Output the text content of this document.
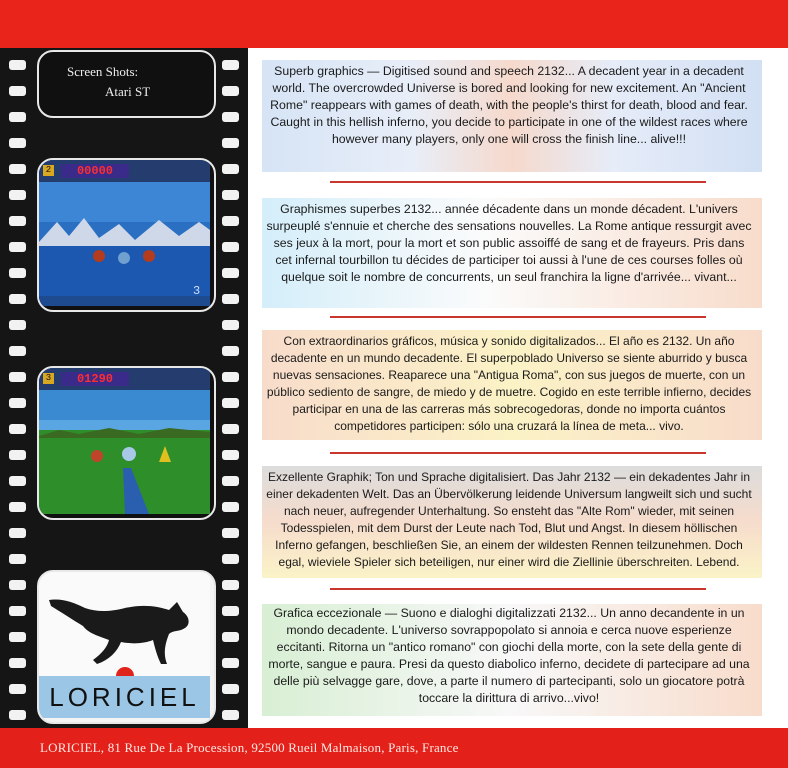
Screen Shots:
Atari ST
2	00000
3
3	01290
LORICIEL
Superb graphics — Digitised sound and speech 2132... A decadent year in a decadent world. The overcrowded Universe is bored and looking for new excitement. An "Ancient Rome" reappears with games of death, with the people's thirst for death, blood and fear. Caught in this hellish inferno, you decide to participate in one of the wildest races where however many players, only one will cross the finish line... alive!!!
Graphismes superbes 2132... année décadente dans un monde décadent. L'univers surpeuplé s'ennuie et cherche des sensations nouvelles. La Rome antique ressurgit avec ses jeux à la mort, pour la mort et son public assoiffé de sang et de frayeurs. Pris dans cet infernal tourbillon tu décides de participer toi aussi à l'une de ces courses folles où quelque soit le nombre de concurrents, un seul franchira la ligne d'arrivée... vivant...
Con extraordinarios gráficos, música y sonido digitalizados... El año es 2132. Un año decadente en un mundo decadente. El superpoblado Universo se siente aburrido y busca nuevas sensaciones. Reaparece una "Antigua Roma", con sus juegos de muerte, con un público sediento de sangre, de miedo y de muetre. Cogido en este terrible infierno, decides participar en una de las carreras más sobrecogedoras, donde no importa cuántos competidores participen: sólo una cruzará la línea de meta... vivo.
Exzellente Graphik; Ton und Sprache digitalisiert. Das Jahr 2132 — ein dekadentes Jahr in einer dekadenten Welt. Das an Übervölkerung leidende Universum langweilt sich und sucht nach neuer, aufregender Unterhaltung. So ensteht das "Alte Rom" wieder, mit seinen Todesspielen, mit dem Durst der Leute nach Tod, Blut und Angst. In diesem höllischen Inferno gefangen, beschließen Sie, an einem der wildesten Rennen teilzunehmen. Doch egal, wieviele Spieler sich beteiligen, nur einer wird die Ziellinie überschreiten. Lebend.
Grafica eccezionale — Suono e dialoghi digitalizzati 2132... Un anno decandente in un mondo decadente. L'universo sovrappopolato si annoia e cerca nuove esperienze eccitanti. Ritorna un "antico romano" con giochi della morte, con la sete della gente di morte, sangue e paura. Presi da questo diabolico inferno, decidete di partecipare ad una delle più selvagge gare, dove, a parte il numero di partecipanti, solo un giocatore potrà toccare la dirittura di arrivo...vivo!
LORICIEL, 81 Rue De La Procession, 92500 Rueil Malmaison, Paris, France
